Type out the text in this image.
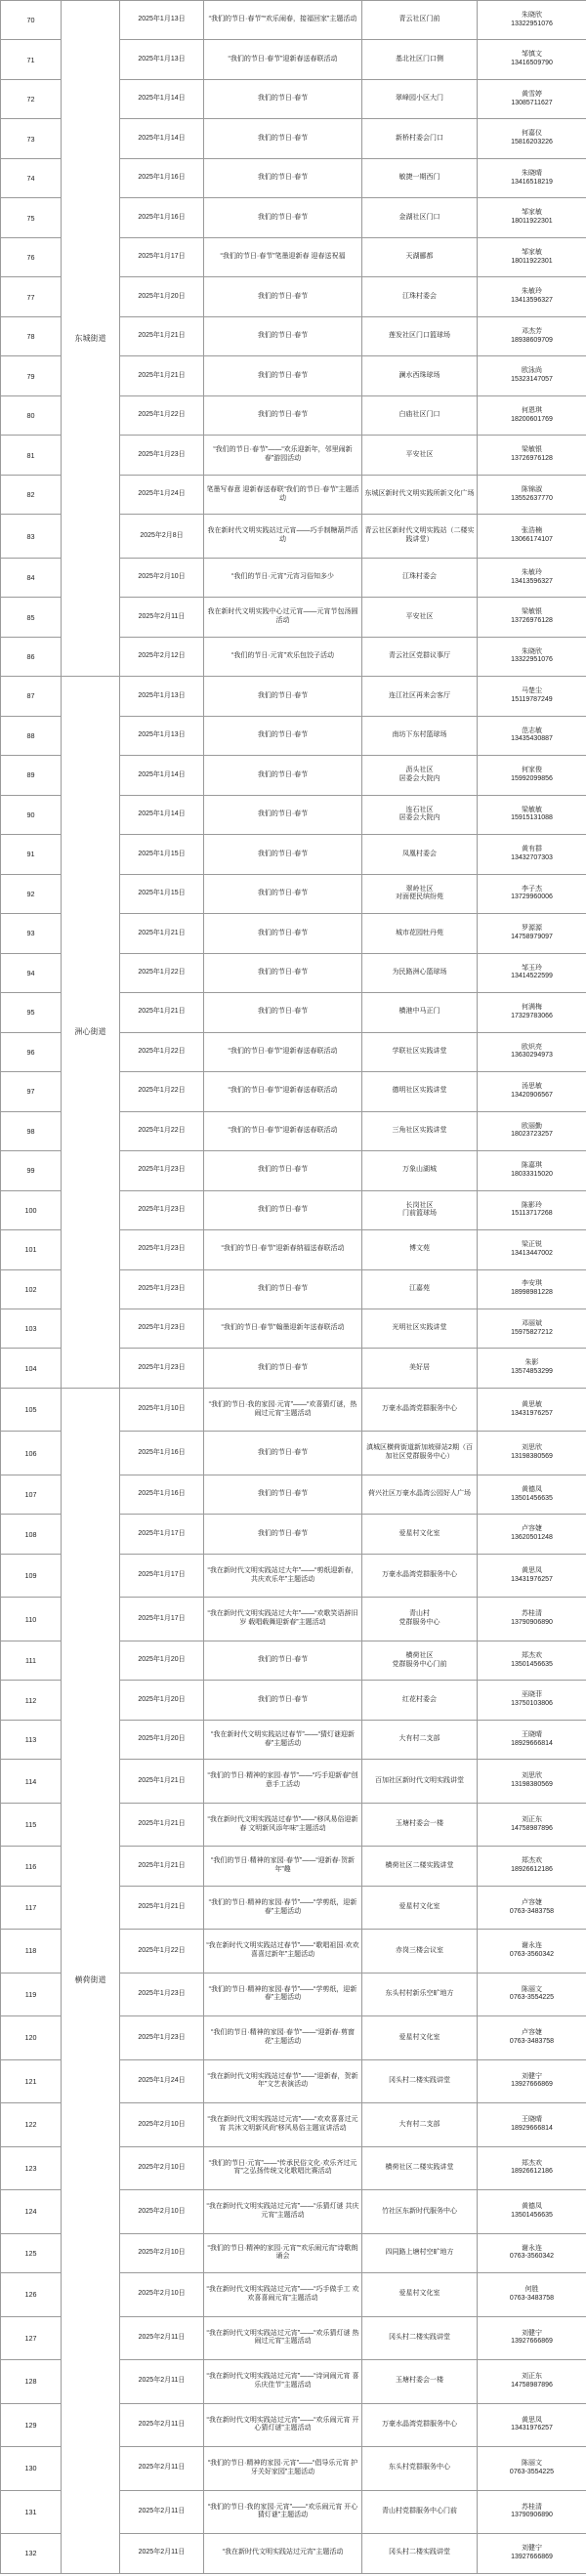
70	东城街道	2025年1月13日	“我们的节日·春节”“欢乐闹春，接福回家”主题活动	青云社区门前	朱晓欣
13322951076
71		2025年1月13日	“我们的节日·春节”迎新春送春联活动	基北社区门口侧	邹慎文
13416509790
72		2025年1月14日	我们的节日·春节	翠峰园小区大门	黄雪婷
13085711627
73		2025年1月14日	我们的节日·春节	新桥村委会门口	何嘉仪
15816203226
74		2025年1月16日	我们的节日·春节	敏捷一期西门	朱晓晴
13416518219
75		2025年1月16日	我们的节日·春节	金湖社区门口	邹家敏
18011922301
76		2025年1月17日	“我们的节日·春节”笔墨迎新春 迎春送祝福	天湖郦都	邹家敏
18011922301
77		2025年1月20日	我们的节日·春节	江珠村委会	朱敏玲
13413596327
78		2025年1月21日	我们的节日·春节	莲发社区门口篮球场	邓杰芳
18938609709
79		2025年1月21日	我们的节日·春节	澜水西珠球场	欧泳尚
15323147057
80		2025年1月22日	我们的节日·春节	白庙社区门口	何恩琪
18200601769
81		2025年1月23日	“我们的节日·春节”——“欢乐迎新年，邻里闹新春”游园活动	平安社区	梁敏银
13726976128
82		2025年1月24日	笔墨写春意 迎新春送春联“我们的节日·春节”主题活动	东城区新时代文明实践所新文化广场	陈锦淑
13552637770
83		2025年2月8日	我在新时代文明实践站过元宵——巧手制糖葫芦活动	青云社区新时代文明实践站（二楼实践讲堂）	张浩楠
13066174107
84		2025年2月10日	“我们的节日·元宵”元宵习俗知多少	江珠村委会	朱敏玲
13413596327
85		2025年2月11日	我在新时代文明实践中心过元宵——元宵节包汤圆活动	平安社区	梁敏银
13726976128
86		2025年2月12日	“我们的节日·元宵”欢乐包饺子活动	青云社区党群议事厅	朱晓欣
13322951076
87	洲心街道	2025年1月13日	我们的节日·春节	连江社区再来会客厅	马楚尘
15119787249
88		2025年1月13日	我们的节日·春节	南坊下东村篮球场	范志敏
13435430887
89		2025年1月14日	我们的节日·春节	沥头社区
居委会大院内	何家俊
15992099856
90		2025年1月14日	我们的节日·春节	连石社区
居委会大院内	梁敏敏
15915131088
91		2025年1月15日	我们的节日·春节	凤凰村委会	黄有群
13432707303
92		2025年1月15日	我们的节日·春节	翠岭社区
对面便民缤纷苑	李子杰
13729960006
93		2025年1月21日	我们的节日·春节	城市花园牡丹苑	罗源源
14758979097
94		2025年1月22日	我们的节日·春节	为民路洲心篮球场	邹玉玲
13414522599
95		2025年1月21日	我们的节日·春节	横港中马正门	何满梅
17329783066
96		2025年1月22日	“我们的节日·春节”迎新春送春联活动	学联社区实践讲堂	欧炽亮
13630294973
97		2025年1月22日	“我们的节日·春节”迎新春送春联活动	德明社区实践讲堂	汤思敏
13420906567
98		2025年1月22日	“我们的节日·春节”迎新春送春联活动	三角社区实践讲堂	欧丽勤
18023723257
99		2025年1月23日	我们的节日·春节	万象山湖城	陈嘉琪
18033315020
100		2025年1月23日	我们的节日·春节	长岗社区
门前篮球场	陈影玲
15113717268
101		2025年1月23日	“我们的节日·春节”迎新春纳福送春联活动	博文苑	梁正锐
13413447002
102		2025年1月23日	我们的节日·春节	江嘉苑	李安琪
18998981228
103		2025年1月23日	“我们的节日·春节”翰墨迎新年送春联活动	光明社区实践讲堂	邓丽斌
15975827212
104		2025年1月23日	我们的节日·春节	美好居	朱影
13574853299
105	横荷街道	2025年1月10日	“我们的节日·我的家园·元宵”——“欢喜猜灯谜，热闹过元宵”主题活动	万豪水晶湾党群服务中心	黄思敏
13431976257
106		2025年1月16日	我们的节日·春节	滇城区横荷街道新加坡驿站2期（百加社区党群服务中心）	刘思欣
13198380569
107		2025年1月16日	我们的节日·春节	荷兴社区万豪水晶湾公园好人广场	黄德凤
13501456635
108		2025年1月17日	我们的节日·春节	爱星村文化室	卢容婕
13620501248
109		2025年1月17日	“我在新时代文明实践站过大年”——“剪纸迎新春，共庆欢乐年”主题活动	万豪水晶湾党群服务中心	黄思凤
13431976257
110		2025年1月17日	“我在新时代文明实践站过大年”——“欢歌笑语辞旧岁 载唱载舞迎新春”主题活动	青山村
党群服务中心	苏桂清
13790906890
111		2025年1月20日	我们的节日·春节	横荷社区
党群服务中心门前	郑杰欢
13501456635
112		2025年1月20日	我们的节日·春节	红花村委会	巫晓菲
13750103806
113		2025年1月20日	“我在新时代文明实践站过春节”——“猜灯谜迎新春”主题活动	大有村二支部	王晓晴
18929666814
114		2025年1月21日	“我们的节日·精神的家园·春节”——“巧手迎新春”创意手工活动	百加社区新时代文明实践讲堂	刘思欣
13198380569
115		2025年1月21日	“我在新时代文明实践站过春节”——“移风易俗迎新春 文明新风添年味”主题活动	玉塘村委会一楼	刘正东
14758987896
116		2025年1月21日	“我们的节日·精神的家园·春节”——“迎新春·贺新年”趣	横荷社区二楼实践讲堂	郑杰欢
18926612186
117		2025年1月21日	“我们的节日·精神的家园·春节”——“学剪纸，迎新春”主题活动	爱星村文化室	卢容婕
0763-3483758
118		2025年1月22日	“我在新时代文明实践站过春节”——“歌唱祖国·欢欢喜喜过新年”主题活动	赤岗三楼会议室	谢永连
0763-3560342
119		2025年1月23日	“我们的节日·精神的家园·春节”——“学剪纸，迎新春”主题活动	东头村村新乐空旷地方	陈丽文
0763-3554225
120		2025年1月23日	“我们的节日·精神的家园·春节”——“迎新春·剪窗花”主题活动	爱星村文化室	卢容婕
0763-3483758
121		2025年1月24日	“我在新时代文明实践站过春节”——“迎新春，贺新年”文艺表演活动	冈头村二楼实践讲堂	刘健宁
13927666869
122		2025年2月10日	“我在新时代文明实践站过元宵”——“欢欢喜喜过元宵 共沐文明新风尚”移风易俗主题宣讲活动	大有村二支部	王晓晴
18929666814
123		2025年2月10日	“我们的节日·元宵”——“传承民俗文化·欢乐齐过元宵”之弘扬传统文化歌唱比赛活动	横荷社区二楼实践讲堂	郑杰欢
18926612186
124		2025年2月10日	“我在新时代文明实践站过元宵”——“乐猜灯谜 共庆元宵”主题活动	竹社区东新时代服务中心	黄德凤
13501456635
125		2025年2月10日	“我们的节日·精神的家园·元宵”“欢乐闹元宵”诗歌朗诵会	四同路上塘村空旷地方	谢永连
0763-3560342
126		2025年2月10日	“我在新时代文明实践站过元宵”——“巧手做手工 欢欢喜喜闹元宵”主题活动	爱星村文化室	何胜
0763-3483758
127		2025年2月11日	“我在新时代文明实践站过元宵”——“欢乐猜灯谜 热闹过元宵”主题活动	冈头村二楼实践讲堂	刘健宁
13927666869
128		2025年2月11日	“我在新时代文明实践站过元宵”——“诗词闹元宵 喜乐庆佳节”主题活动	玉塘村委会一楼	刘正东
14758987896
129		2025年2月11日	“我在新时代文明实践站过元宵”——“欢乐闹元宵 开心猜灯谜”主题活动	万豪水晶湾党群服务中心	黄思凤
13431976257
130		2025年2月11日	“我们的节日·精神的家园·元宵”——“倡导乐元宵 护牙关好家园”主题活动	东头村党群服务中心	陈丽文
0763-3554225
131		2025年2月11日	“我们的节日·我的家园·元宵”——“欢乐闹元宵 开心猜灯谜”主题活动	青山村党群服务中心门前	苏桂清
13790906890
132		2025年2月11日	“我在新时代文明实践站过元宵”主题活动	冈头村二楼实践讲堂	刘健宁
13927666869
